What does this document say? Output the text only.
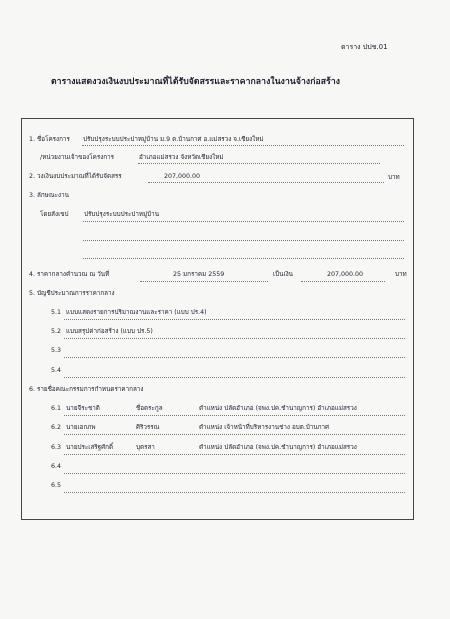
ตาราง ปปช.01
ตารางแสดงวงเงินงบประมาณที่ได้รับจัดสรรและราคากลางในงานจ้างก่อสร้าง
1. ชื่อโครงการ ปรับปรุงระบบประปาหมู่บ้าน ม.9 ต.บ้านกาศ อ.แม่สรวง จ.เชียงใหม่
/หน่วยงานเจ้าของโครงการ	อำเภอแม่สรวง จังหวัดเชียงใหม่
2. วงเงินงบประมาณที่ได้รับจัดสรร	207,000.00	บาท
3. ลักษณะงาน
โดยสังเขป ปรับปรุงระบบประปาหมู่บ้าน
4. ราคากลางคำนวณ ณ วันที่	25 มกราคม 2559	เป็นเงิน	207,000.00	บาท
5. บัญชีประมาณการราคากลาง
5.1 แบบแสดงรายการปริมาณงานและราคา (แบบ ปร.4)
5.2 แบบสรุปค่าก่อสร้าง (แบบ ปร.5)
5.3
5.4
6. รายชื่อคณะกรรมการกำหนดราคากลาง
6.1 นายจีระชาติ	ชื่อตระกูล	ตำแหน่ง ปลัดอำเภอ (จพง.ปค.ชำนาญการ) อำเภอแม่สรวง
6.2 นายเอกภพ	ศิริวรรณ	ตำแหน่ง เจ้าหน้าที่บริหารงานช่าง อบต.บ้านกาศ
6.3 นายประเสริฐศักดิ์	บุตรสา	ตำแหน่ง ปลัดอำเภอ (จพง.ปค.ชำนาญการ) อำเภอแม่สรวง
6.4
6.5
